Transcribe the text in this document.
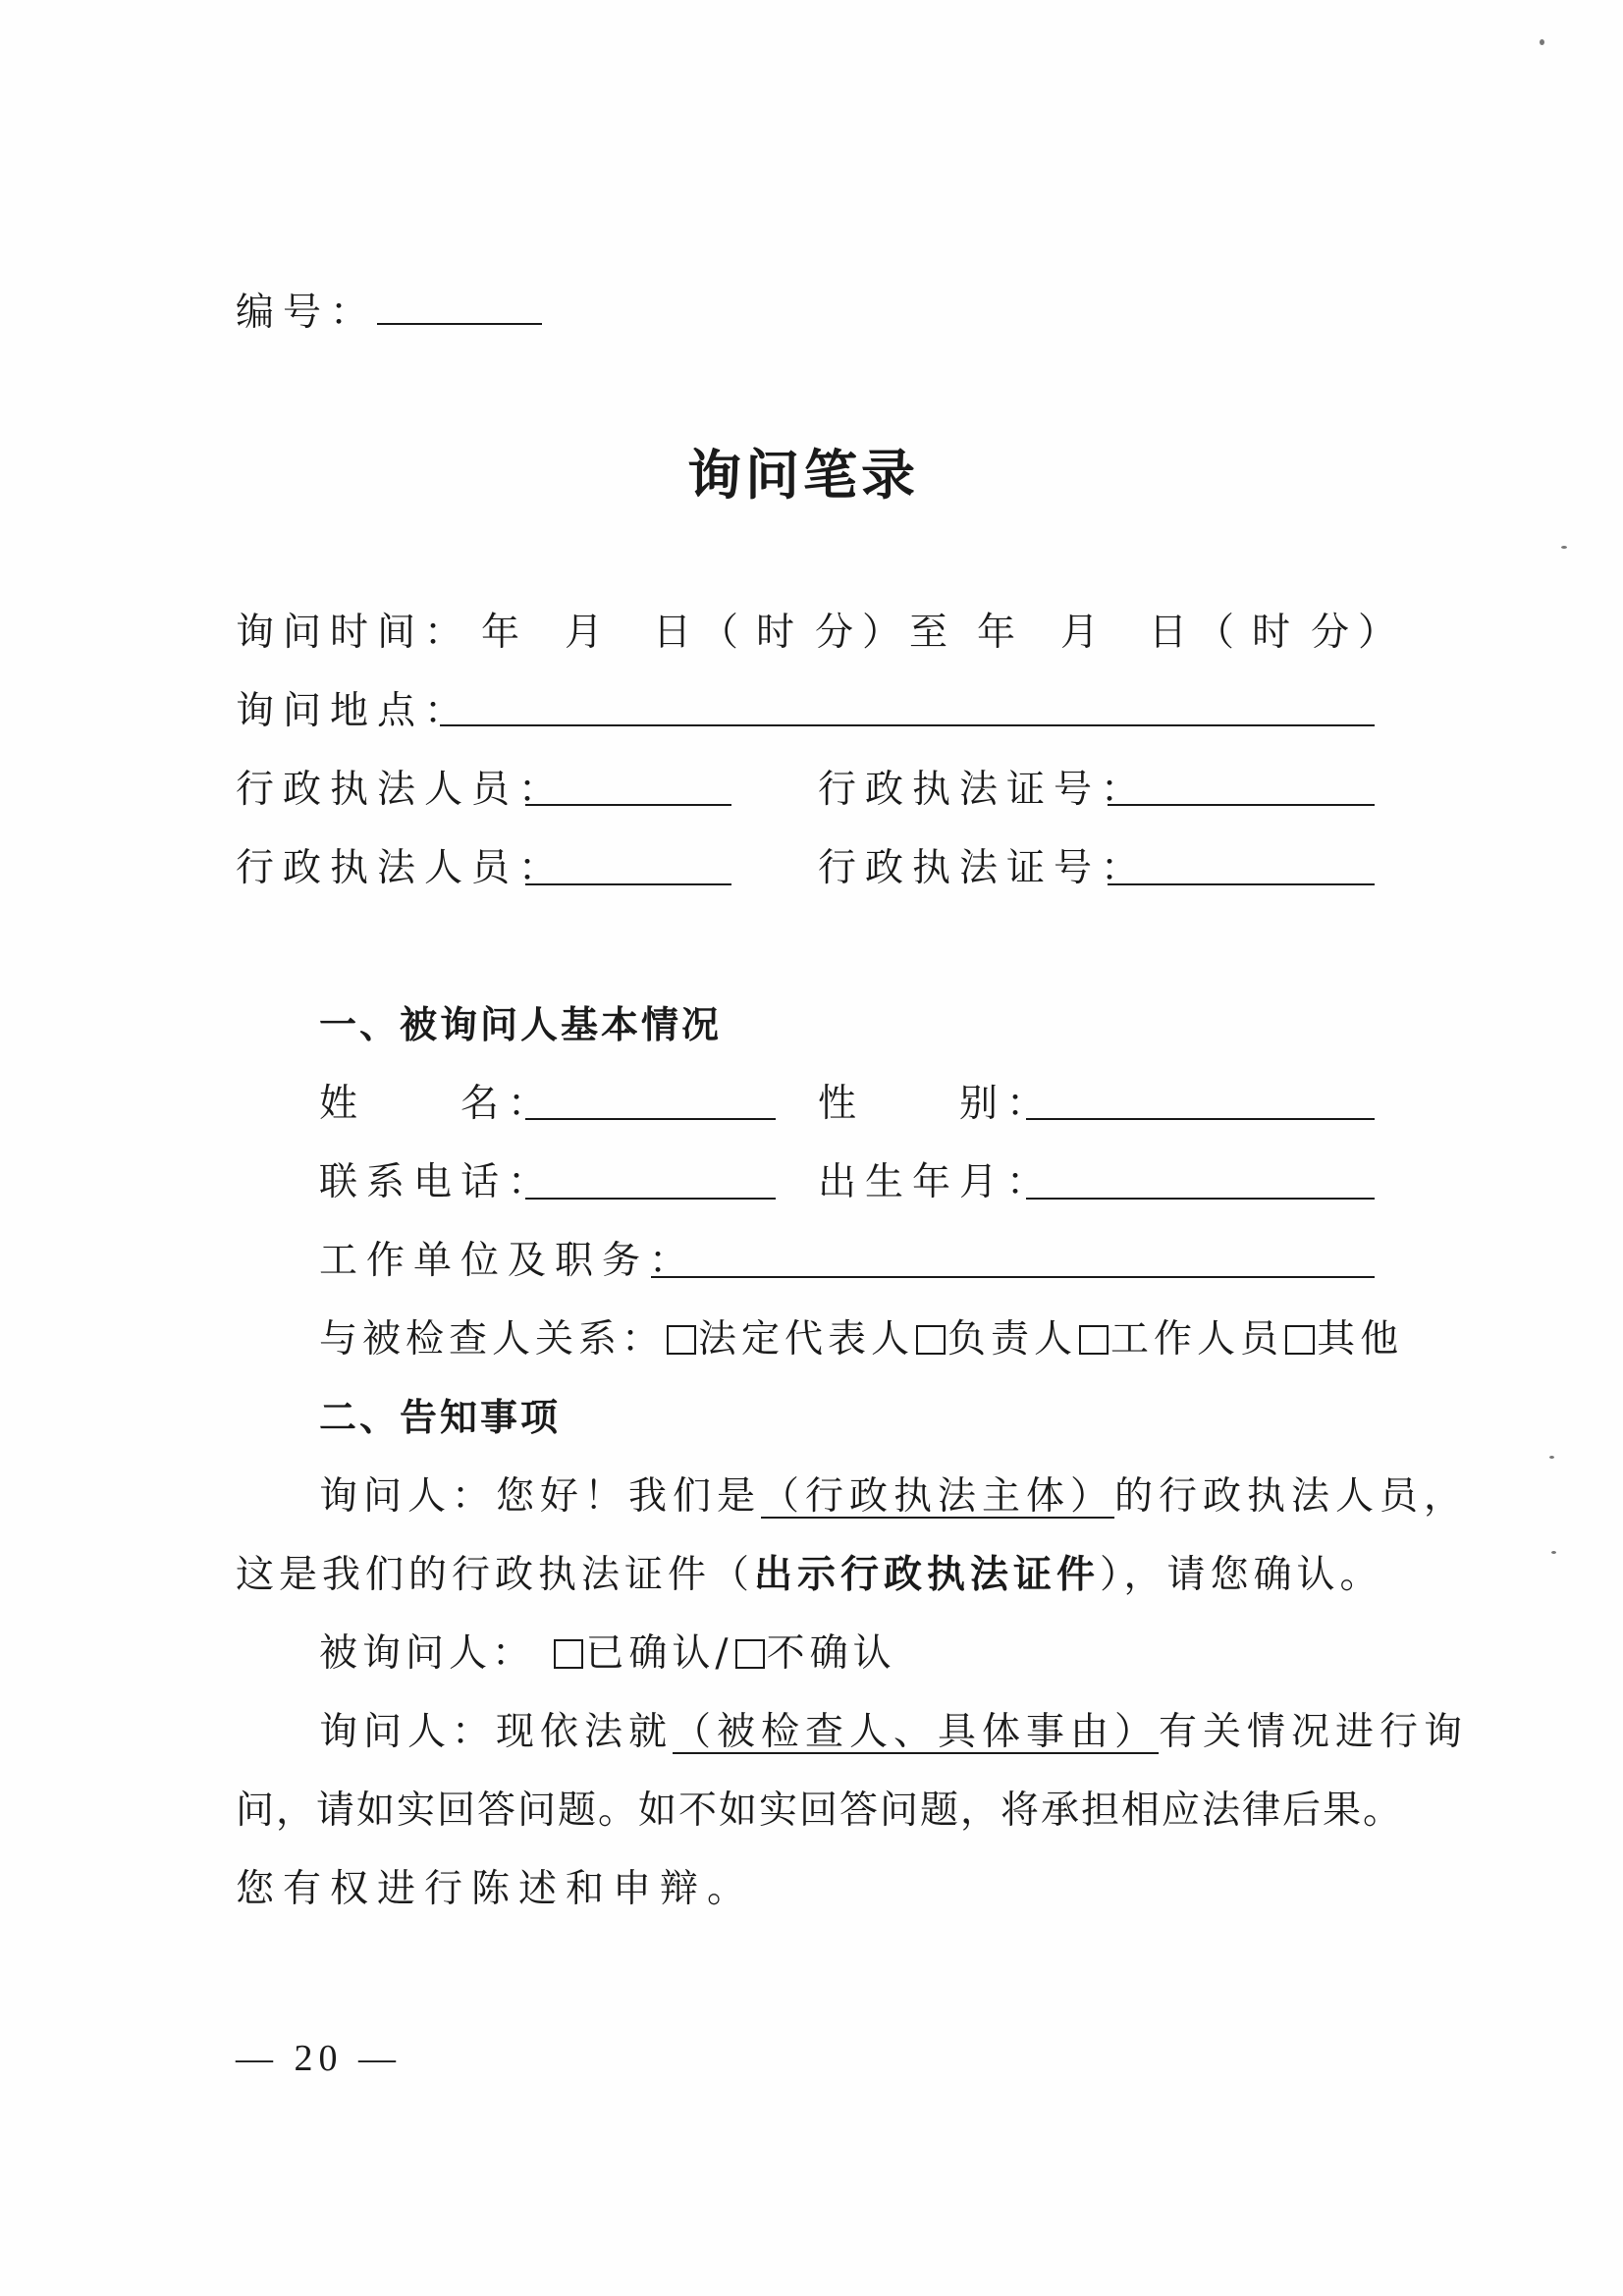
编号：
询问笔录
询问时间： 年 月 日（ 时 分）至 年 月 日（ 时 分）
询问地点：
行政执法人员：	行政执法证号：
行政执法人员：	行政执法证号：
一、被询问人基本情况
姓　　名：	性　　别：
联系电话：	出生年月：
工作单位及职务：
与被检查人关系： 法定代表人 负责人 工作人员 其他
二、告知事项
询问人：您好！我们是（行政执法主体）的行政执法人员，
这是我们的行政执法证件（出示行政执法证件），请您确认。
被询问人： 已确认/ 不确认
询问人：现依法就（被检查人、具体事由）有关情况进行询
问，请如实回答问题。如不如实回答问题，将承担相应法律后果。
您有权进行陈述和申辩。
— 20 —
